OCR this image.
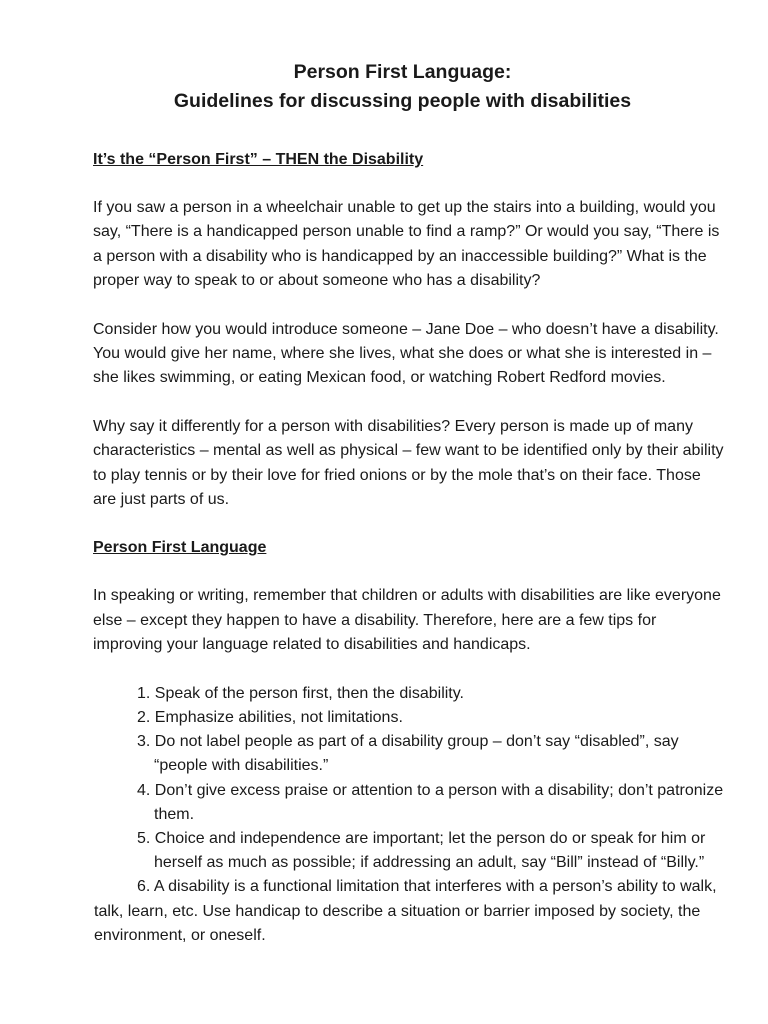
Person First Language:
Guidelines for discussing people with disabilities
It’s the “Person First” – THEN the Disability

If you saw a person in a wheelchair unable to get up the stairs into a building, would you say, “There is a handicapped person unable to find a ramp?” Or would you say, “There is a person with a disability who is handicapped by an inaccessible building?” What is the proper way to speak to or about someone who has a disability?

Consider how you would introduce someone – Jane Doe – who doesn’t have a disability. You would give her name, where she lives, what she does or what she is interested in – she likes swimming, or eating Mexican food, or watching Robert Redford movies.

Why say it differently for a person with disabilities? Every person is made up of many characteristics – mental as well as physical – few want to be identified only by their ability to play tennis or by their love for fried onions or by the mole that’s on their face. Those are just parts of us.

Person First Language

In speaking or writing, remember that children or adults with disabilities are like everyone else – except they happen to have a disability. Therefore, here are a few tips for improving your language related to disabilities and handicaps.

1. Speak of the person first, then the disability.
2. Emphasize abilities, not limitations.
3. Do not label people as part of a disability group – don’t say “disabled”, say “people with disabilities.”
4. Don’t give excess praise or attention to a person with a disability; don’t patronize them.
5. Choice and independence are important; let the person do or speak for him or herself as much as possible; if addressing an adult, say “Bill” instead of “Billy.”
6. A disability is a functional limitation that interferes with a person’s ability to walk, talk, learn, etc. Use handicap to describe a situation or barrier imposed by society, the environment, or oneself.
